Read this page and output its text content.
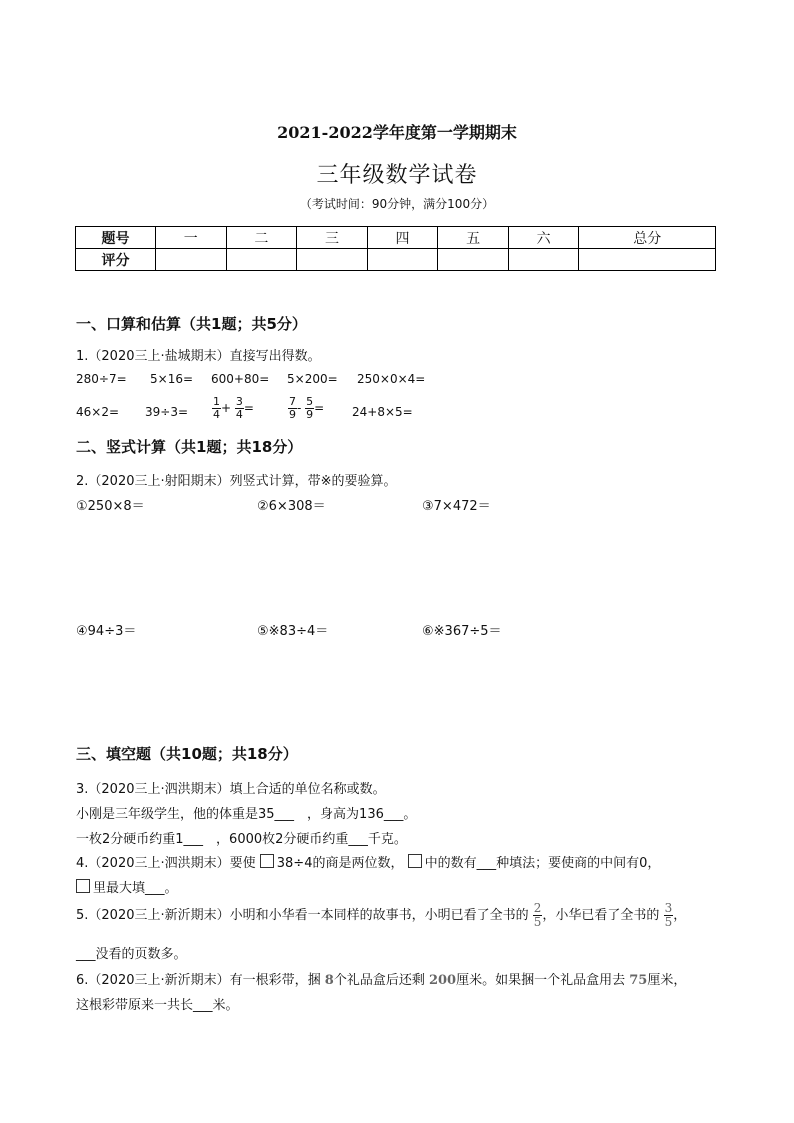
2021-2022学年度第一学期期末
三年级数学试卷
（考试时间：90分钟，满分100分）
题号	一	二	三	四	五	六	总分
评分							
一、口算和估算（共1题；共5分）
1.（2020三上·盐城期末）直接写出得数。
280÷7= 5×16= 600+80= 5×200= 250×0×4=
$46\times 2= 39\div 3= \frac{1}{4} + \frac{3}{4}$ =	$\frac{7}{9} - \frac{5}{9} = 24+8\times 5=$
二、竖式计算（共1题；共18分）
2.（2020三上·射阳期末）列竖式计算，带※的要验算。
①250×8＝	②6×308＝	③7×472＝
④94÷3＝	⑤※83÷4＝	⑥※367÷5＝
三、填空题（共10题；共18分）
3.（2020三上·泗洪期末）填上合适的单位名称或数。
小刚是三年级学生，他的体重是35___　，身高为136___。
一枚2分硬币约重1___　，6000枚2分硬币约重___千克。
4.（2020三上·泗洪期末）要使 38÷4的商是两位数， 中的数有___种填法；要使商的中间有0，
里最大填___。
5.（2020三上·新沂期末）小明和小华看一本同样的故事书，小明已看了全书的 $\frac{2}{5}$ ，小华已看了全书的 $\frac{3}{5}$ ，
___没看的页数多。
6.（2020三上·新沂期末）有一根彩带，捆 8个礼品盒后还剩 200厘米。如果捆一个礼品盒用去 75厘米，
这根彩带原来一共长___米。
